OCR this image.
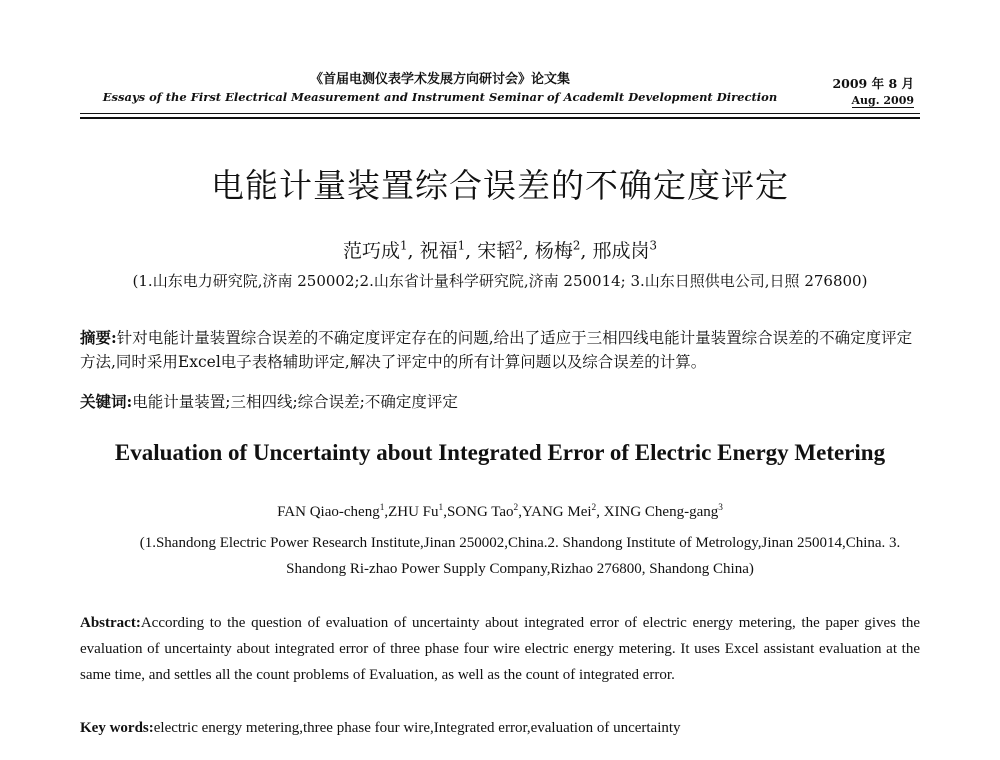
《首届电测仪表学术发展方向研讨会》论文集
Essays of the First Electrical Measurement and Instrument Seminar of Academlt Development Direction
2009 年 8 月
Aug. 2009
电能计量装置综合误差的不确定度评定
范巧成$^1$, 祝福$^1$, 宋韬$^2$, 杨梅$^2$, 邢成岗$^3$
(1.山东电力研究院,济南 250002;2.山东省计量科学研究院,济南 250014; 3.山东日照供电公司,日照 276800)
摘要:针对电能计量装置综合误差的不确定度评定存在的问题,给出了适应于三相四线电能计量装置综合误差的不确定度评定方法,同时采用Excel电子表格辅助评定,解决了评定中的所有计算问题以及综合误差的计算。
关键词:电能计量装置;三相四线;综合误差;不确定度评定
Evaluation of Uncertainty about Integrated Error of Electric Energy Metering
FAN Qiao-cheng$^1$,ZHU Fu$^1$,SONG Tao$^2$,YANG Mei$^2$, XING Cheng-gang$^3$
(1.Shandong Electric Power Research Institute,Jinan 250002,China.2. Shandong Institute of Metrology,Jinan 250014,China. 3. Shandong Ri-zhao Power Supply Company,Rizhao 276800, Shandong China)
Abstract:According to the question of evaluation of uncertainty about integrated error of electric energy metering, the paper gives the evaluation of uncertainty about integrated error of three phase four wire electric energy metering. It uses Excel assistant evaluation at the same time, and settles all the count problems of Evaluation, as well as the count of integrated error.
Key words:electric energy metering,three phase four wire,Integrated error,evaluation of uncertainty
